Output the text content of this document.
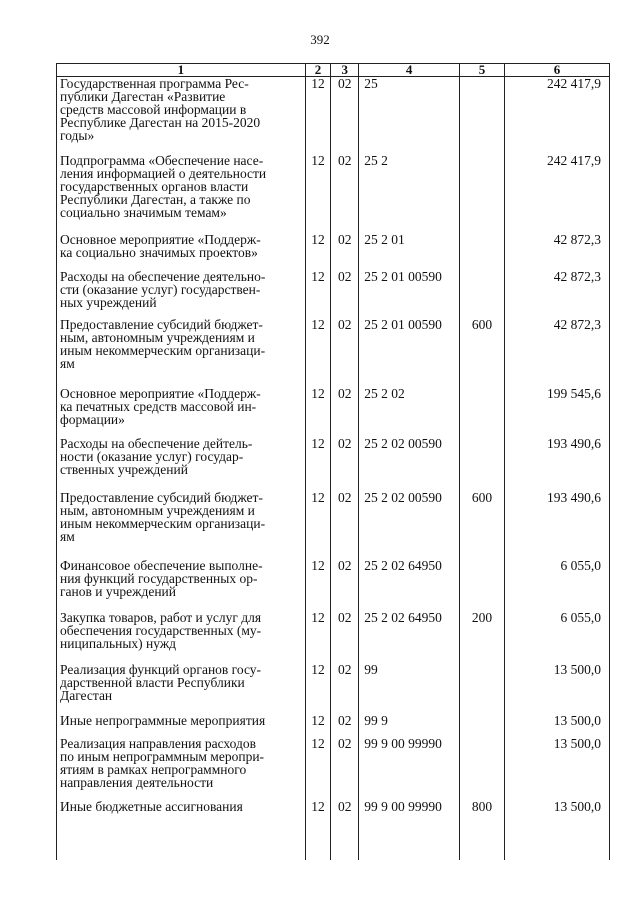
392
1	2	3	4	5	6
Государственная программа Рес-
публики Дагестан «Развитие
средств массовой информации в
Республике Дагестан на 2015-2020
годы»	12	02	25		242 417,9
Подпрограмма «Обеспечение насе-
ления информацией о деятельности
государственных органов власти
Республики Дагестан, а также по
социально значимым темам»	12	02	25 2		242 417,9
Основное мероприятие «Поддерж-
ка социально значимых проектов»	12	02	25 2 01		42 872,3
Расходы на обеспечение деятельно-
сти (оказание услуг) государствен-
ных учреждений	12	02	25 2 01 00590		42 872,3
Предоставление субсидий бюджет-
ным, автономным учреждениям и
иным некоммерческим организаци-
ям	12	02	25 2 01 00590	600	42 872,3
Основное мероприятие «Поддерж-
ка печатных средств массовой ин-
формации»	12	02	25 2 02		199 545,6
Расходы на обеспечение дейтель-
ности (оказание услуг) государ-
ственных учреждений	12	02	25 2 02 00590		193 490,6
Предоставление субсидий бюджет-
ным, автономным учреждениям и
иным некоммерческим организаци-
ям	12	02	25 2 02 00590	600	193 490,6
Финансовое обеспечение выполне-
ния функций государственных ор-
ганов и учреждений	12	02	25 2 02 64950		6 055,0
Закупка товаров, работ и услуг для
обеспечения государственных (му-
ниципальных) нужд	12	02	25 2 02 64950	200	6 055,0
Реализация функций органов госу-
дарственной власти Республики
Дагестан	12	02	99		13 500,0
Иные непрограммные мероприятия	12	02	99 9		13 500,0
Реализация направления расходов
по иным непрограммным меропри-
ятиям в рамках непрограммного
направления деятельности	12	02	99 9 00 99990		13 500,0
Иные бюджетные ассигнования	12	02	99 9 00 99990	800	13 500,0
